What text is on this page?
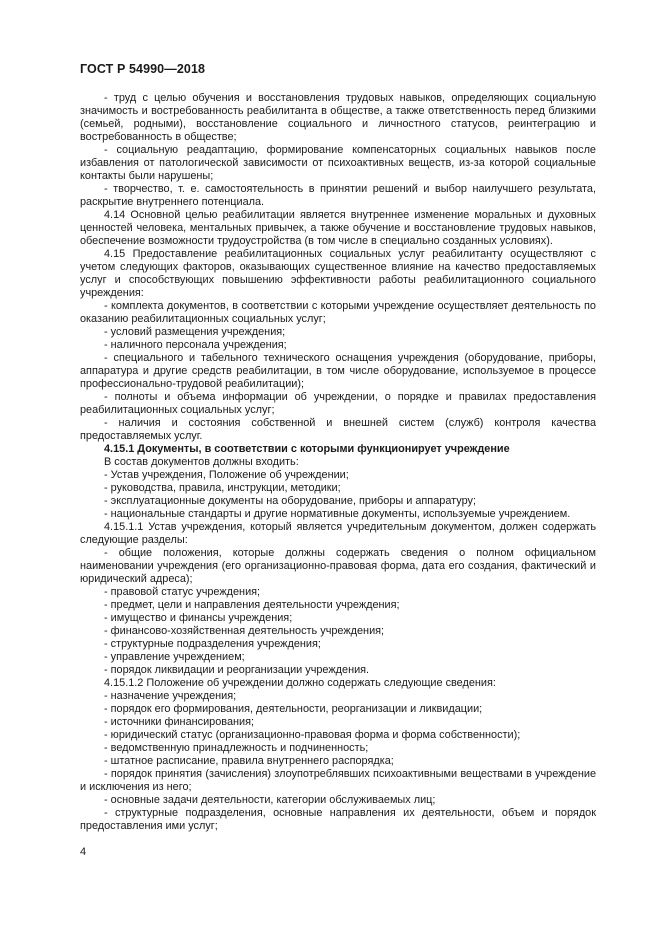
ГОСТ Р 54990—2018

- труд с целью обучения и восстановления трудовых навыков, определяющих социальную значимость и востребованность реабилитанта в обществе, а также ответственность перед близкими (семьей, родными), восстановление социального и личностного статусов, реинтеграцию и востребованность в обществе;

- социальную реадаптацию, формирование компенсаторных социальных навыков после избавления от патологической зависимости от психоактивных веществ, из-за которой социальные контакты были нарушены;

- творчество, т. е. самостоятельность в принятии решений и выбор наилучшего результата, раскрытие внутреннего потенциала.

4.14 Основной целью реабилитации является внутреннее изменение моральных и духовных ценностей человека, ментальных привычек, а также обучение и восстановление трудовых навыков, обеспечение возможности трудоустройства (в том числе в специально созданных условиях).

4.15 Предоставление реабилитационных социальных услуг реабилитанту осуществляют с учетом следующих факторов, оказывающих существенное влияние на качество предоставляемых услуг и способствующих повышению эффективности работы реабилитационного социального учреждения:

- комплекта документов, в соответствии с которыми учреждение осуществляет деятельность по оказанию реабилитационных социальных услуг;

- условий размещения учреждения;

- наличного персонала учреждения;

- специального и табельного технического оснащения учреждения (оборудование, приборы, аппаратура и другие средств реабилитации, в том числе оборудование, используемое в процессе профессионально-трудовой реабилитации);

- полноты и объема информации об учреждении, о порядке и правилах предоставления реабилитационных социальных услуг;

- наличия и состояния собственной и внешней систем (служб) контроля качества предоставляемых услуг.

4.15.1 Документы, в соответствии с которыми функционирует учреждение

В состав документов должны входить:

- Устав учреждения, Положение об учреждении;

- руководства, правила, инструкции, методики;

- эксплуатационные документы на оборудование, приборы и аппаратуру;

- национальные стандарты и другие нормативные документы, используемые учреждением.

4.15.1.1 Устав учреждения, который является учредительным документом, должен содержать следующие разделы:

- общие положения, которые должны содержать сведения о полном официальном наименовании учреждения (его организационно-правовая форма, дата его создания, фактический и юридический адреса);

- правовой статус учреждения;

- предмет, цели и направления деятельности учреждения;

- имущество и финансы учреждения;

- финансово-хозяйственная деятельность учреждения;

- структурные подразделения учреждения;

- управление учреждением;

- порядок ликвидации и реорганизации учреждения.

4.15.1.2 Положение об учреждении должно содержать следующие сведения:

- назначение учреждения;

- порядок его формирования, деятельности, реорганизации и ликвидации;

- источники финансирования;

- юридический статус (организационно-правовая форма и форма собственности);

- ведомственную принадлежность и подчиненность;

- штатное расписание, правила внутреннего распорядка;

- порядок принятия (зачисления) злоупотреблявших психоактивными веществами в учреждение и исключения из него;

- основные задачи деятельности, категории обслуживаемых лиц;

- структурные подразделения, основные направления их деятельности, объем и порядок предоставления ими услуг;

4
